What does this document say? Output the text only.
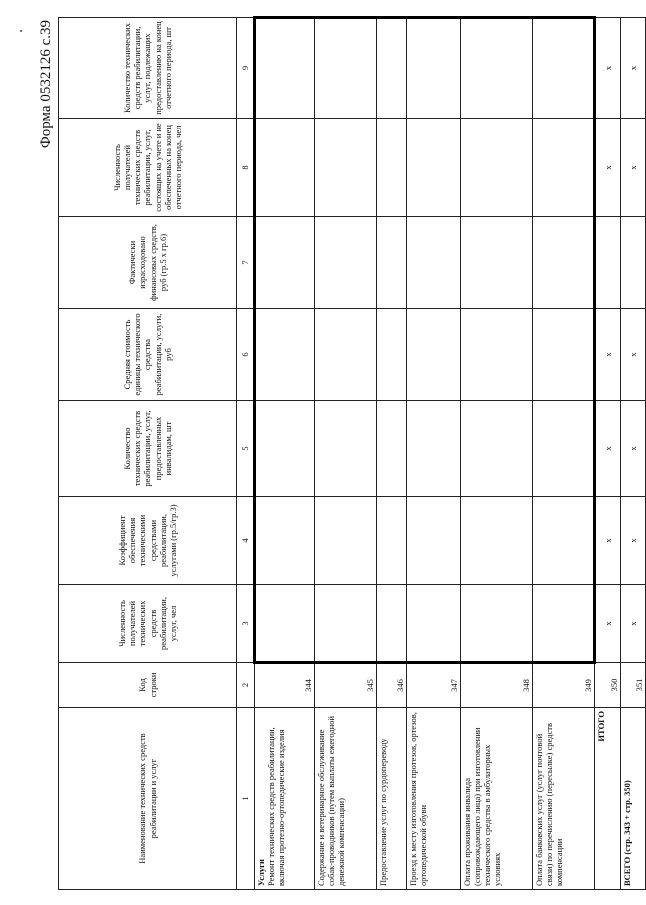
Форма 0532126 с.39
Наименование технических средств реабилитации и услуг	Код строки	Численность получателей технических средств реабилитации, услуг, чел	Коэффициент обеспечения техническими средствами реабилитации, услугами (гр.5/гр.3)	Количество технических средств реабилитации, услуг, предоставленных инвалидам, шт	Средняя стоимость единицы технического средства реабилитации, услуги, руб	Фактически израсходовано финансовых средств, руб (гр.5 х гр.6)	Численность получателей технических средств реабилитации, услуг, состоящих на учете и не обеспеченных на конец отчетного периода, чел	Количество технических средств реабилитации, услуг, подлежащих предоставлению на конец отчетного периода, шт
1	2	3	4	5	6	7	8	9

Услуги Ремонт технических средств реабилитации, включая протезно-ортопедические изделия	344							

Содержание и ветеринарное обслуживание собак-проводников (путем выплаты ежегодной денежной компенсации)	345							

Предоставление услуг по сурдопереводу	346							

Проезд к месту изготовления протезов, ортезов, ортопедической обуви	347							

Оплата проживания инвалида (сопровождающего лица) при изготовлении технического средства в амбулаторных условиях	348							

Оплата банковских услуг (услуг почтовой связи) по перечислению (пересылке) средств компенсации	349							

ИТОГО	350	x	x	x	x		x	x

ВСЕГО (стр. 343 + стр. 350)	351	x	x	x	x		x	x
